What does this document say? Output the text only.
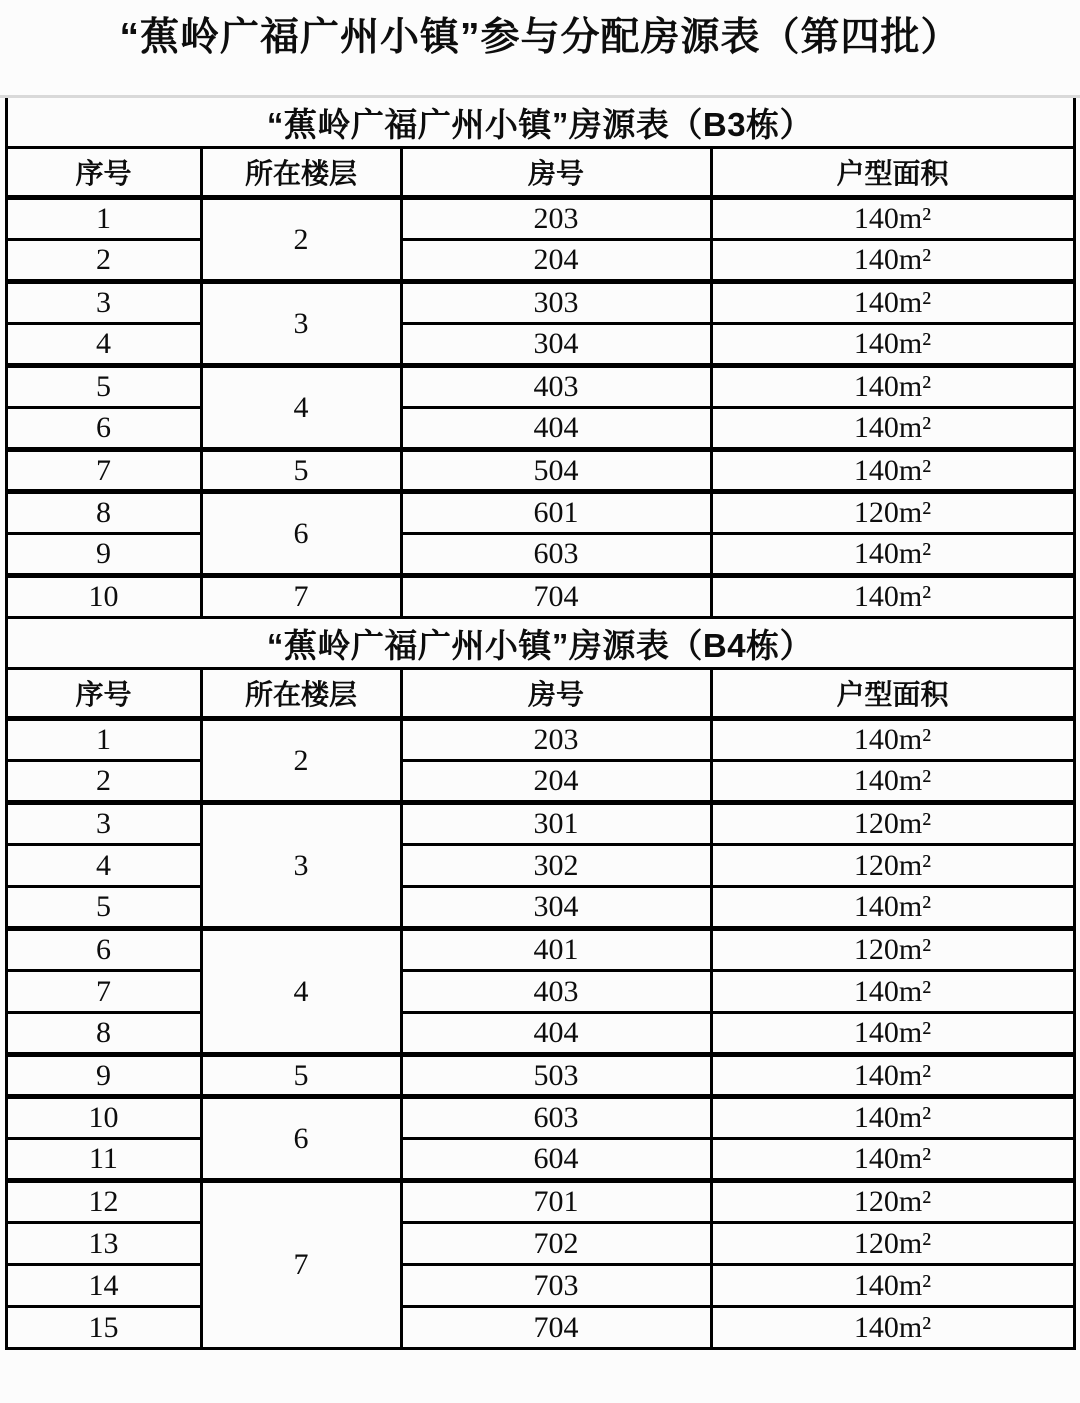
“蕉岭广福广州小镇”参与分配房源表（第四批）
“蕉岭广福广州小镇”房源表（B3栋）			
序号	所在楼层	房号	户型面积
1	2	203	140m²
2		204	140m²
3	3	303	140m²
4		304	140m²
5	4	403	140m²
6		404	140m²
7	5	504	140m²
8	6	601	120m²
9		603	140m²
10	7	704	140m²
“蕉岭广福广州小镇”房源表（B4栋）			
序号	所在楼层	房号	户型面积
1	2	203	140m²
2		204	140m²
3	3	301	120m²
4		302	120m²
5		304	140m²
6	4	401	120m²
7		403	140m²
8		404	140m²
9	5	503	140m²
10	6	603	140m²
11		604	140m²
12	7	701	120m²
13		702	120m²
14		703	140m²
15		704	140m²
